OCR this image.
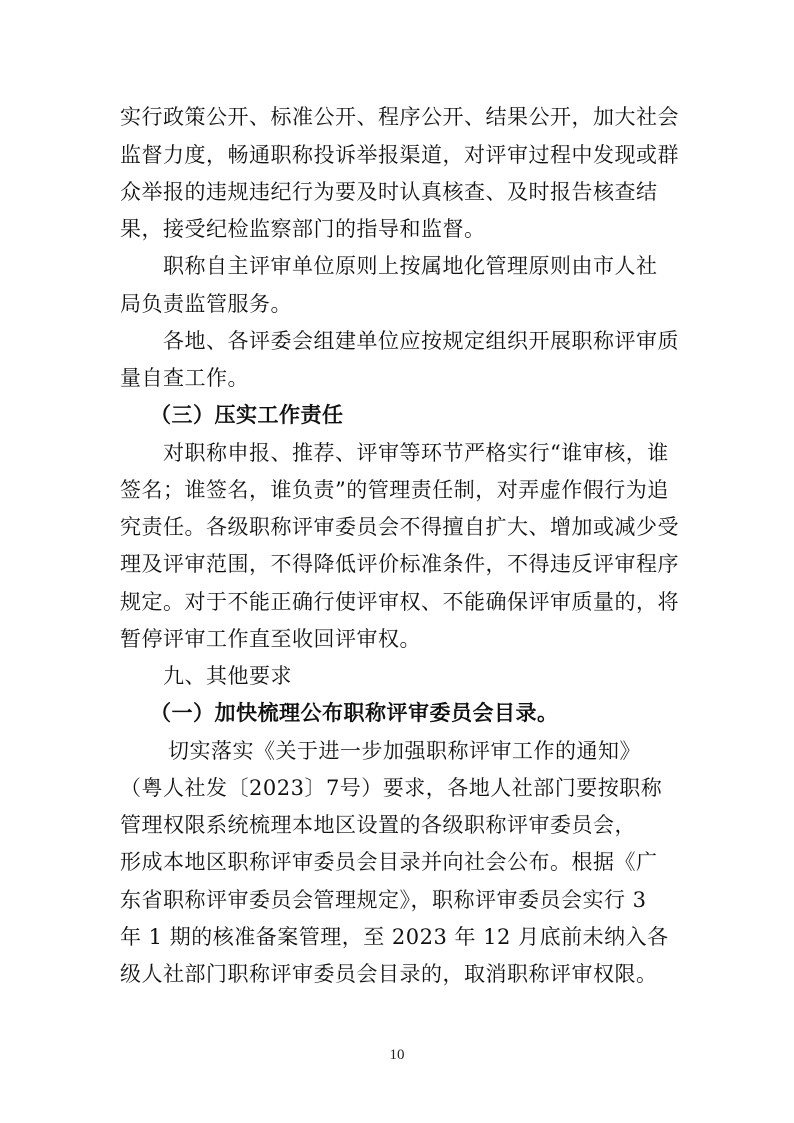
实行政策公开、标准公开、程序公开、结果公开，加大社会
监督力度，畅通职称投诉举报渠道，对评审过程中发现或群
众举报的违规违纪行为要及时认真核查、及时报告核查结
果，接受纪检监察部门的指导和监督。
职称自主评审单位原则上按属地化管理原则由市人社
局负责监管服务。
各地、各评委会组建单位应按规定组织开展职称评审质
量自查工作。
（三）压实工作责任
对职称申报、推荐、评审等环节严格实行“谁审核，谁
签名；谁签名，谁负责”的管理责任制，对弄虚作假行为追
究责任。各级职称评审委员会不得擅自扩大、增加或减少受
理及评审范围，不得降低评价标准条件，不得违反评审程序
规定。对于不能正确行使评审权、不能确保评审质量的，将
暂停评审工作直至收回评审权。
九、其他要求
（一）加快梳理公布职称评审委员会目录。
切实落实《关于进一步加强职称评审工作的通知》
（粤人社发〔2023〕7号）要求，各地人社部门要按职称
管理权限系统梳理本地区设置的各级职称评审委员会，
形成本地区职称评审委员会目录并向社会公布。根据《广
东省职称评审委员会管理规定》，职称评审委员会实行 3
年 1 期的核准备案管理，至 2023 年 12 月底前未纳入各
级人社部门职称评审委员会目录的，取消职称评审权限。
10
